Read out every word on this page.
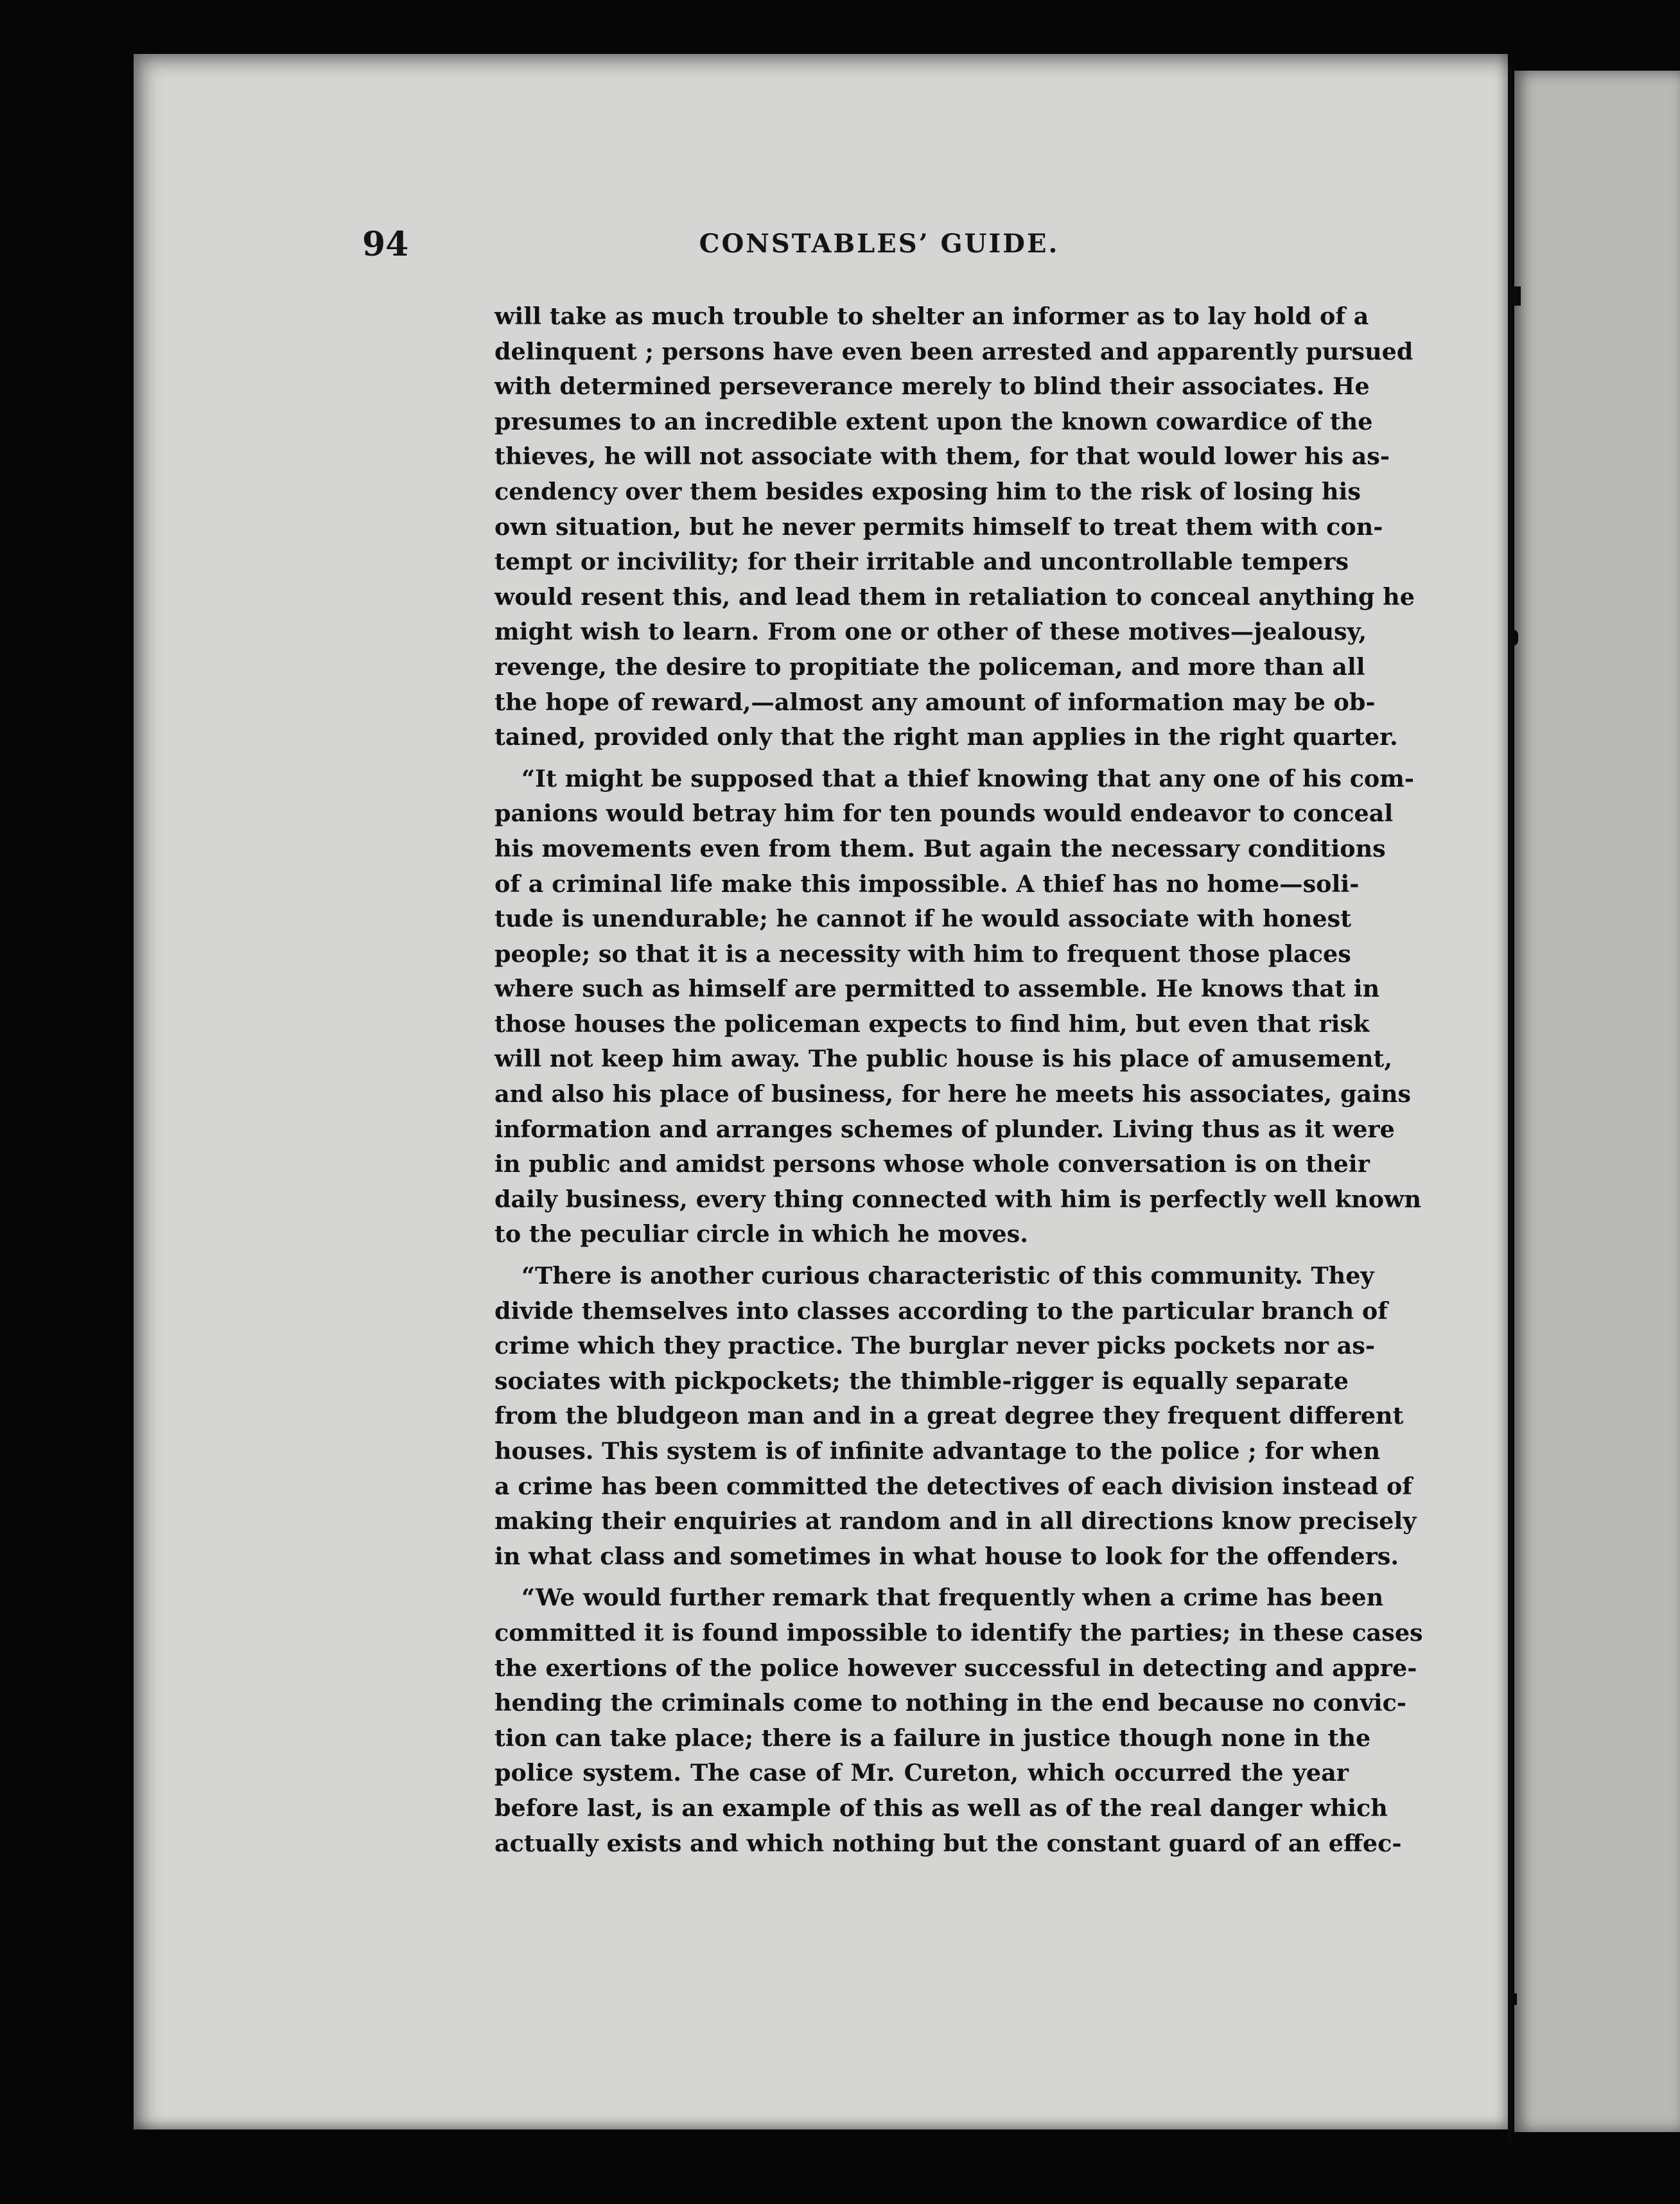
94	CONSTABLES’ GUIDE.
will take as much trouble to shelter an informer as to lay hold of a
delinquent ; persons have even been arrested and apparently pursued
with determined perseverance merely to blind their associates. He
presumes to an incredible extent upon the known cowardice of the
thieves, he will not associate with them, for that would lower his as-
cendency over them besides exposing him to the risk of losing his
own situation, but he never permits himself to treat them with con-
tempt or incivility; for their irritable and uncontrollable tempers
would resent this, and lead them in retaliation to conceal anything he
might wish to learn. From one or other of these motives—jealousy,
revenge, the desire to propitiate the policeman, and more than all
the hope of reward,—almost any amount of information may be ob-
tained, provided only that the right man applies in the right quarter.
“It might be supposed that a thief knowing that any one of his com-
panions would betray him for ten pounds would endeavor to conceal
his movements even from them. But again the necessary conditions
of a criminal life make this impossible. A thief has no home—soli-
tude is unendurable; he cannot if he would associate with honest
people; so that it is a necessity with him to frequent those places
where such as himself are permitted to assemble. He knows that in
those houses the policeman expects to find him, but even that risk
will not keep him away. The public house is his place of amusement,
and also his place of business, for here he meets his associates, gains
information and arranges schemes of plunder. Living thus as it were
in public and amidst persons whose whole conversation is on their
daily business, every thing connected with him is perfectly well known
to the peculiar circle in which he moves.
“There is another curious characteristic of this community. They
divide themselves into classes according to the particular branch of
crime which they practice. The burglar never picks pockets nor as-
sociates with pickpockets; the thimble-rigger is equally separate
from the bludgeon man and in a great degree they frequent different
houses. This system is of infinite advantage to the police ; for when
a crime has been committed the detectives of each division instead of
making their enquiries at random and in all directions know precisely
in what class and sometimes in what house to look for the offenders.
“We would further remark that frequently when a crime has been
committed it is found impossible to identify the parties; in these cases
the exertions of the police however successful in detecting and appre-
hending the criminals come to nothing in the end because no convic-
tion can take place; there is a failure in justice though none in the
police system. The case of Mr. Cureton, which occurred the year
before last, is an example of this as well as of the real danger which
actually exists and which nothing but the constant guard of an effec-
